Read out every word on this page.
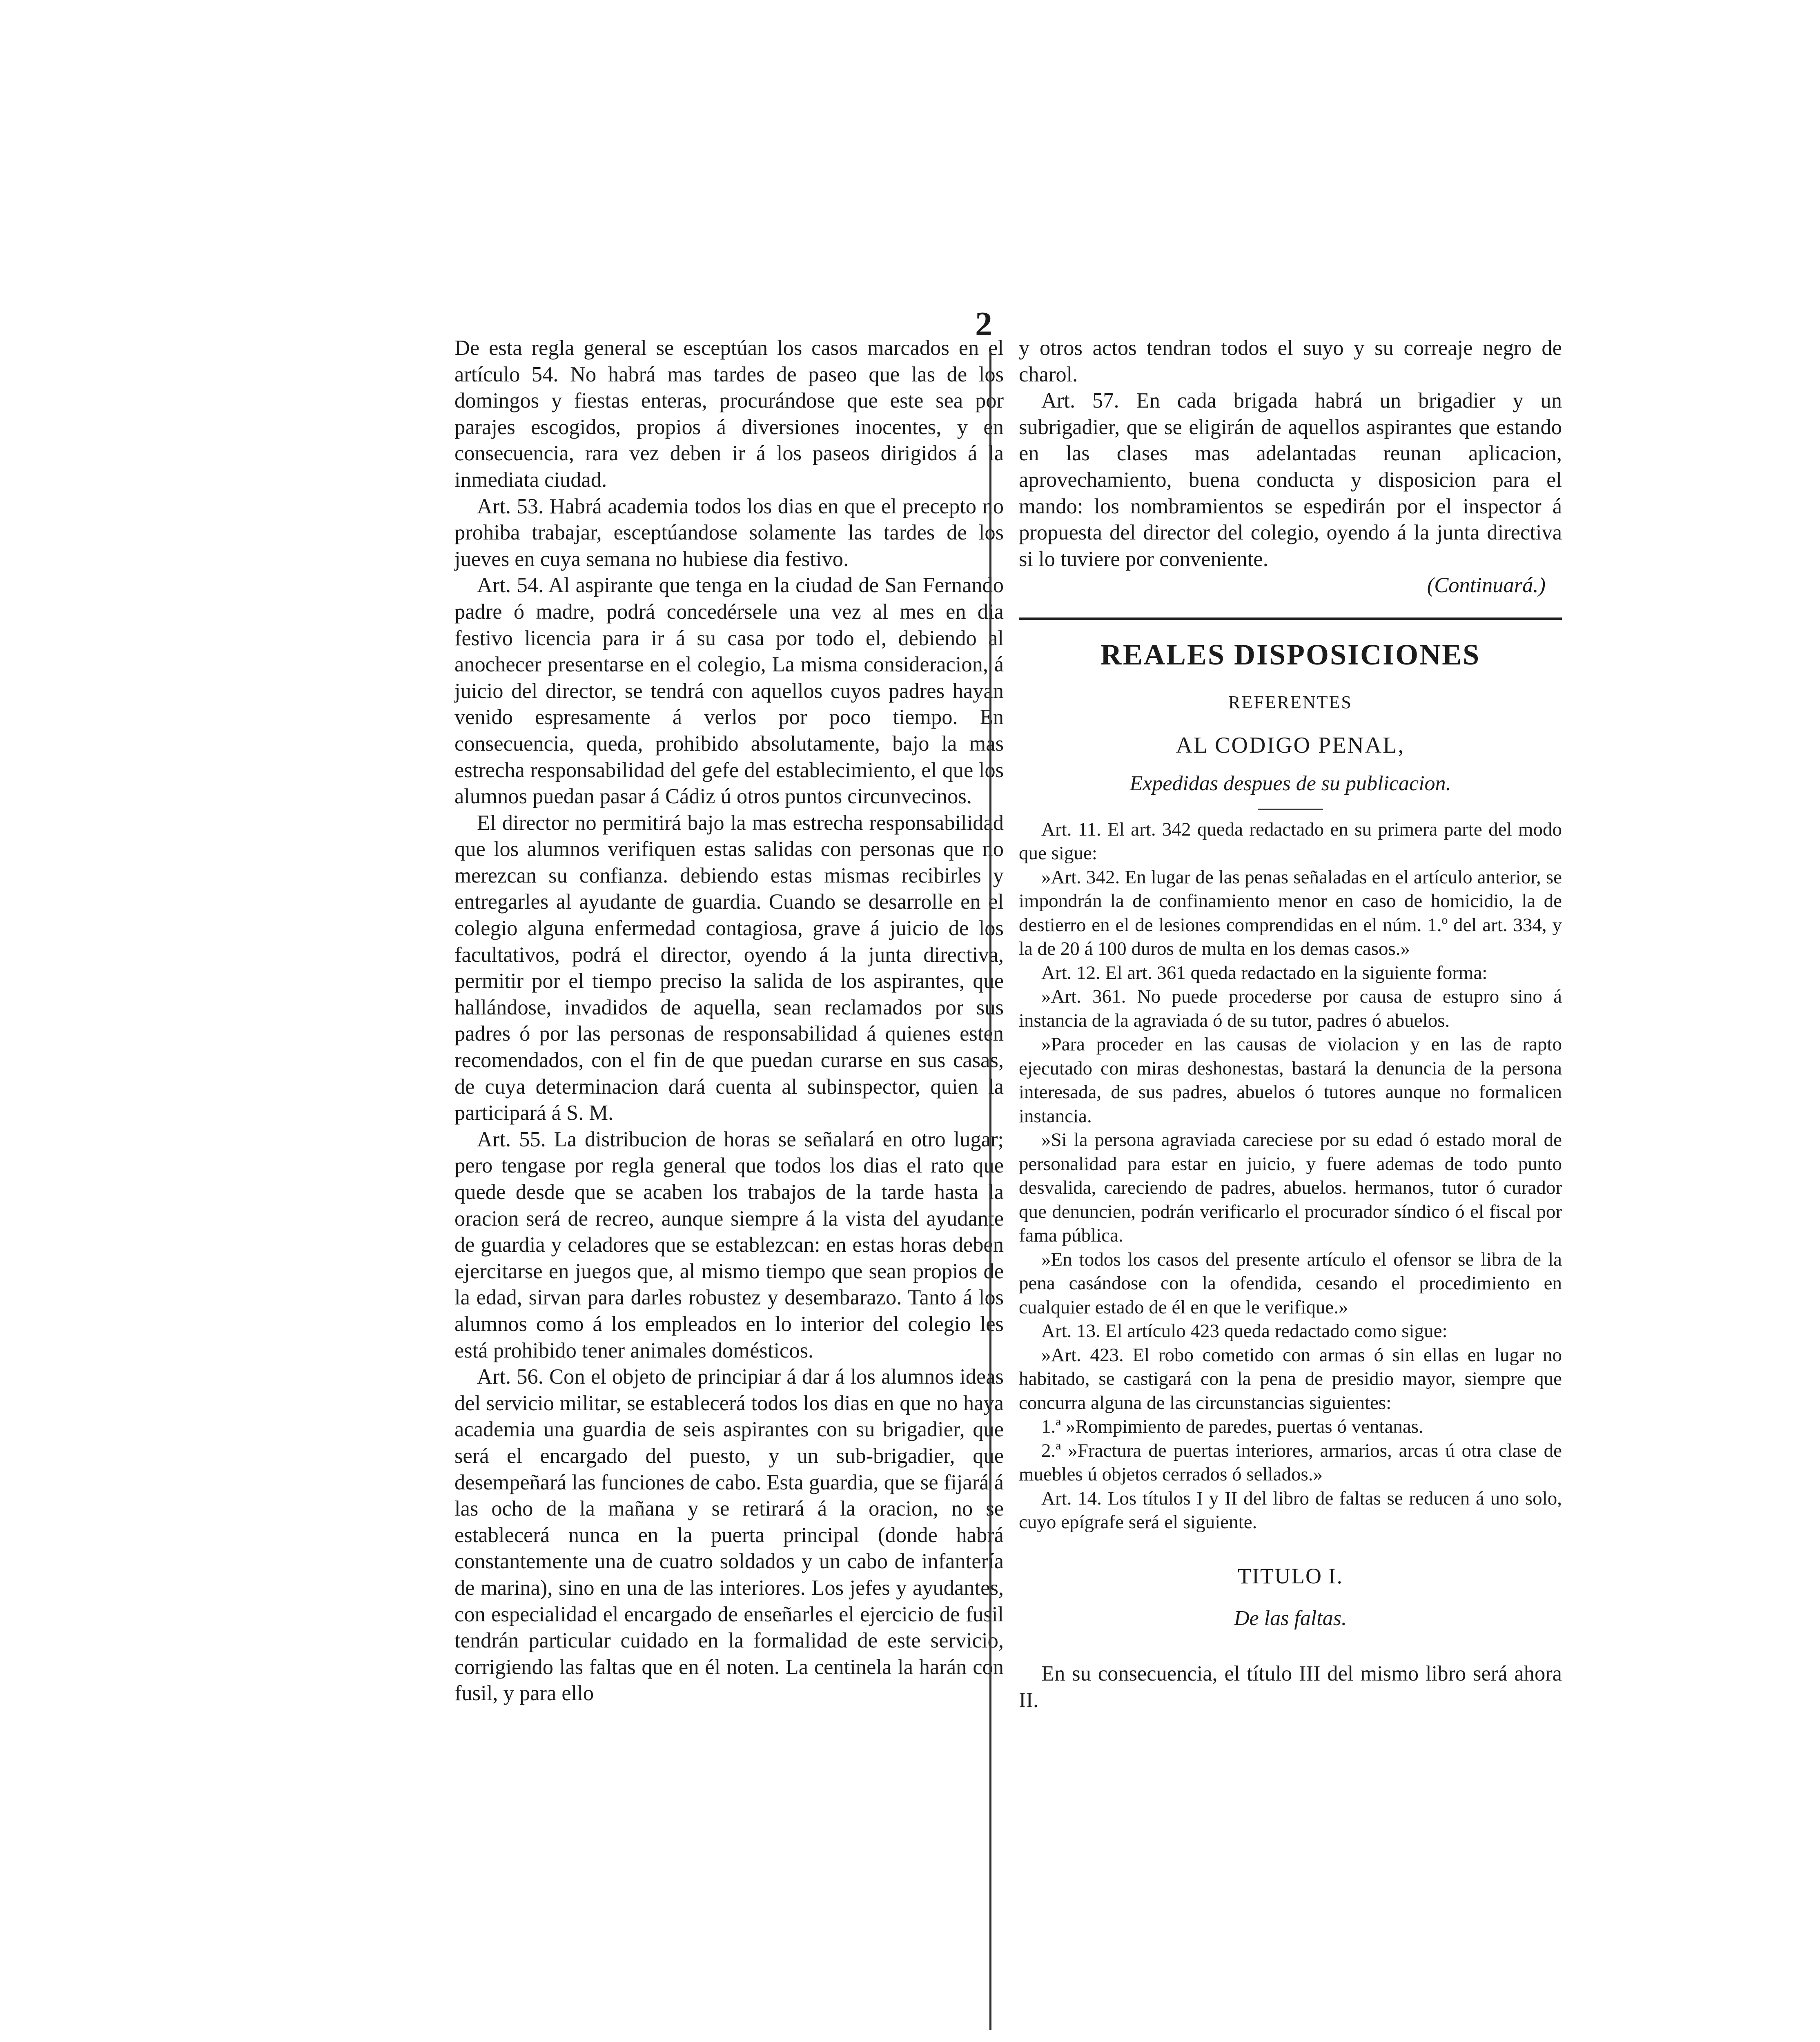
2

De esta regla general se esceptúan los casos marcados en el artículo 54. No habrá mas tardes de paseo que las de los domingos y fiestas enteras, procurándose que este sea por parajes escogidos, propios á diversiones inocentes, y en consecuencia, rara vez deben ir á los paseos dirigidos á la inmediata ciudad.

Art. 53. Habrá academia todos los dias en que el precepto no prohiba trabajar, esceptúandose solamente las tardes de los jueves en cuya semana no hubiese dia festivo.

Art. 54. Al aspirante que tenga en la ciudad de San Fernando padre ó madre, podrá concedérsele una vez al mes en dia festivo licencia para ir á su casa por todo el, debiendo al anochecer presentarse en el colegio, La misma consideracion, á juicio del director, se tendrá con aquellos cuyos padres hayan venido espresamente á verlos por poco tiempo. En consecuencia, queda, prohibido absolutamente, bajo la mas estrecha responsabilidad del gefe del establecimiento, el que los alumnos puedan pasar á Cádiz ú otros puntos circunvecinos.

El director no permitirá bajo la mas estrecha responsabilidad que los alumnos verifiquen estas salidas con personas que no merezcan su confianza. debiendo estas mismas recibirles y entregarles al ayudante de guardia. Cuando se desarrolle en el colegio alguna enfermedad contagiosa, grave á juicio de los facultativos, podrá el director, oyendo á la junta directiva, permitir por el tiempo preciso la salida de los aspirantes, que hallándose, invadidos de aquella, sean reclamados por sus padres ó por las personas de responsabilidad á quienes esten recomendados, con el fin de que puedan curarse en sus casas, de cuya determinacion dará cuenta al subinspector, quien la participará á S. M.

Art. 55. La distribucion de horas se señalará en otro lugar; pero tengase por regla general que todos los dias el rato que quede desde que se acaben los trabajos de la tarde hasta la oracion será de recreo, aunque siempre á la vista del ayudante de guardia y celadores que se establezcan: en estas horas deben ejercitarse en juegos que, al mismo tiempo que sean propios de la edad, sirvan para darles robustez y desembarazo. Tanto á los alumnos como á los empleados en lo interior del colegio les está prohibido tener animales domésticos.

Art. 56. Con el objeto de principiar á dar á los alumnos ideas del servicio militar, se establecerá todos los dias en que no haya academia una guardia de seis aspirantes con su brigadier, que será el encargado del puesto, y un sub-brigadier, que desempeñará las funciones de cabo. Esta guardia, que se fijará á las ocho de la mañana y se retirará á la oracion, no se establecerá nunca en la puerta principal (donde habrá constantemente una de cuatro soldados y un cabo de infantería de marina), sino en una de las interiores. Los jefes y ayudantes, con especialidad el encargado de enseñarles el ejercicio de fusil tendrán particular cuidado en la formalidad de este servicio, corrigiendo las faltas que en él noten. La centinela la harán con fusil, y para ello

y otros actos tendran todos el suyo y su correaje negro de charol.

Art. 57. En cada brigada habrá un brigadier y un subrigadier, que se eligirán de aquellos aspirantes que estando en las clases mas adelantadas reunan aplicacion, aprovechamiento, buena conducta y disposicion para el mando: los nombramientos se espedirán por el inspector á propuesta del director del colegio, oyendo á la junta directiva si lo tuviere por conveniente.

(Continuará.)

REALES DISPOSICIONES
REFERENTES
AL CODIGO PENAL,
Expedidas despues de su publicacion.

Art. 11. El art. 342 queda redactado en su primera parte del modo que sigue:

»Art. 342. En lugar de las penas señaladas en el artículo anterior, se impondrán la de confinamiento menor en caso de homicidio, la de destierro en el de lesiones comprendidas en el núm. 1.º del art. 334, y la de 20 á 100 duros de multa en los demas casos.»

Art. 12. El art. 361 queda redactado en la siguiente forma:

»Art. 361. No puede procederse por causa de estupro sino á instancia de la agraviada ó de su tutor, padres ó abuelos.

»Para proceder en las causas de violacion y en las de rapto ejecutado con miras deshonestas, bastará la denuncia de la persona interesada, de sus padres, abuelos ó tutores aunque no formalicen instancia.

»Si la persona agraviada careciese por su edad ó estado moral de personalidad para estar en juicio, y fuere ademas de todo punto desvalida, careciendo de padres, abuelos. hermanos, tutor ó curador que denuncien, podrán verificarlo el procurador síndico ó el fiscal por fama pública.

»En todos los casos del presente artículo el ofensor se libra de la pena casándose con la ofendida, cesando el procedimiento en cualquier estado de él en que le verifique.»

Art. 13. El artículo 423 queda redactado como sigue:

»Art. 423. El robo cometido con armas ó sin ellas en lugar no habitado, se castigará con la pena de presidio mayor, siempre que concurra alguna de las circunstancias siguientes:

1.ª »Rompimiento de paredes, puertas ó ventanas.

2.ª »Fractura de puertas interiores, armarios, arcas ú otra clase de muebles ú objetos cerrados ó sellados.»

Art. 14. Los títulos I y II del libro de faltas se reducen á uno solo, cuyo epígrafe será el siguiente.

TITULO I.
De las faltas.

En su consecuencia, el título III del mismo libro será ahora II.
